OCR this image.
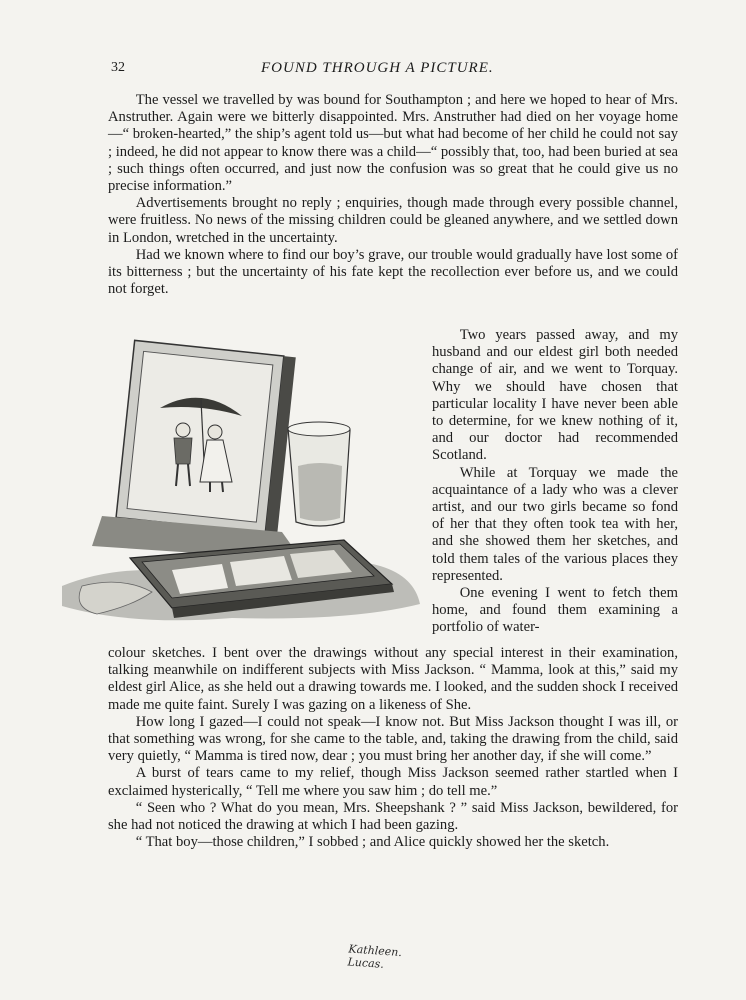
32	FOUND THROUGH A PICTURE.

The vessel we travelled by was bound for Southampton ; and here we hoped to hear of Mrs. Anstruther. Again were we bitterly disappointed. Mrs. Anstruther had died on her voyage home—“ broken-hearted,” the ship’s agent told us—but what had become of her child he could not say ; indeed, he did not appear to know there was a child—“ possibly that, too, had been buried at sea ; such things often occurred, and just now the confusion was so great that he could give us no precise information.”

Advertisements brought no reply ; enquiries, though made through every possible channel, were fruitless. No news of the missing children could be gleaned anywhere, and we settled down in London, wretched in the uncertainty.

Had we known where to find our boy’s grave, our trouble would gradually have lost some of its bitterness ; but the uncertainty of his fate kept the recollection ever before us, and we could not forget.

Kathleen. Lucas.

Two years passed away, and my husband and our eldest girl both needed change of air, and we went to Torquay. Why we should have chosen that particular locality I have never been able to determine, for we knew nothing of it, and our doctor had recommended Scotland.

While at Torquay we made the acquaintance of a lady who was a clever artist, and our two girls became so fond of her that they often took tea with her, and she showed them her sketches, and told them tales of the various places they represented.

One evening I went to fetch them home, and found them examining a portfolio of water-

colour sketches. I bent over the drawings without any special interest in their examination, talking meanwhile on indifferent subjects with Miss Jackson. “ Mamma, look at this,” said my eldest girl Alice, as she held out a drawing towards me. I looked, and the sudden shock I received made me quite faint. Surely I was gazing on a likeness of She.

How long I gazed—I could not speak—I know not. But Miss Jackson thought I was ill, or that something was wrong, for she came to the table, and, taking the drawing from the child, said very quietly, “ Mamma is tired now, dear ; you must bring her another day, if she will come.”

A burst of tears came to my relief, though Miss Jackson seemed rather startled when I exclaimed hysterically, “ Tell me where you saw him ; do tell me.”

“ Seen who ? What do you mean, Mrs. Sheepshank ? ” said Miss Jackson, bewildered, for she had not noticed the drawing at which I had been gazing.

“ That boy—those children,” I sobbed ; and Alice quickly showed her the sketch.
